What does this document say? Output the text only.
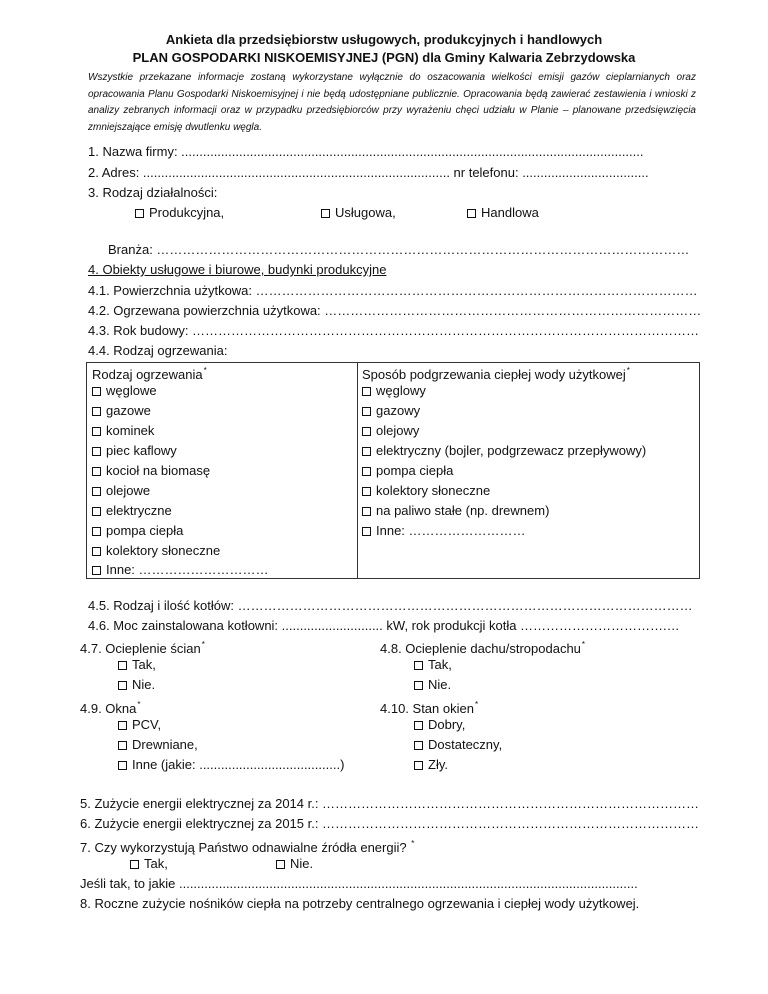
Ankieta dla przedsiębiorstw usługowych, produkcyjnych i handlowych
PLAN GOSPODARKI NISKOEMISYJNEJ (PGN) dla Gminy Kalwaria Zebrzydowska
Wszystkie przekazane informacje zostaną wykorzystane wyłącznie do oszacowania wielkości emisji gazów cieplarnianych oraz opracowania Planu Gospodarki Niskoemisyjnej i nie będą udostępniane publicznie. Opracowania będą zawierać zestawienia i wnioski z analizy zebranych informacji oraz w przypadku przedsiębiorców przy wyrażeniu chęci udziału w Planie – planowane przedsięwzięcia zmniejszające emisję dwutlenku węgla.
1. Nazwa firmy: ................................................................................................................................
2. Adres: ..................................................................................... nr telefonu: ...................................
3. Rodzaj działalności:
Produkcyjna,	Usługowa,	Handlowa
Branża: ……………………………………………………………………………………………………………
4. Obiekty usługowe i biurowe, budynki produkcyjne
4.1. Powierzchnia użytkowa: …………………………………………………………………………………………
4.2. Ogrzewana powierzchnia użytkowa: ……………………………………………………………………………
4.3. Rok budowy: ………………………………………………………………………………………………………
4.4. Rodzaj ogrzewania:
Rodzaj ogrzewania*
węglowe
gazowe
kominek
piec kaflowy
kocioł na biomasę
olejowe
elektryczne
pompa ciepła
kolektory słoneczne
Inne: …………………………
Sposób podgrzewania ciepłej wody użytkowej*
węglowy
gazowy
olejowy
elektryczny (bojler, podgrzewacz przepływowy)
pompa ciepła
kolektory słoneczne
na paliwo stałe (np. drewnem)
Inne: ………………………
4.5. Rodzaj i ilość kotłów: ……………………………………………………………………………………………
4.6. Moc zainstalowana kotłowni: ............................ kW, rok produkcji kotła …………………………….…
4.7. Ocieplenie ścian*
Tak,
Nie.
4.8. Ocieplenie dachu/stropodachu*
Tak,
Nie.
4.9. Okna*
PCV,
Drewniane,
Inne (jakie: .......................................)
4.10. Stan okien*
Dobry,
Dostateczny,
Zły.
5. Zużycie energii elektrycznej za 2014 r.: ……………………………………………………………………………
6. Zużycie energii elektrycznej za 2015 r.: ……………………………………………………………………………
7. Czy wykorzystują Państwo odnawialne źródła energii? *
Tak,	Nie.
Jeśli tak, to jakie ...............................................................................................................................
8. Roczne zużycie nośników ciepła na potrzeby centralnego ogrzewania i ciepłej wody użytkowej.
